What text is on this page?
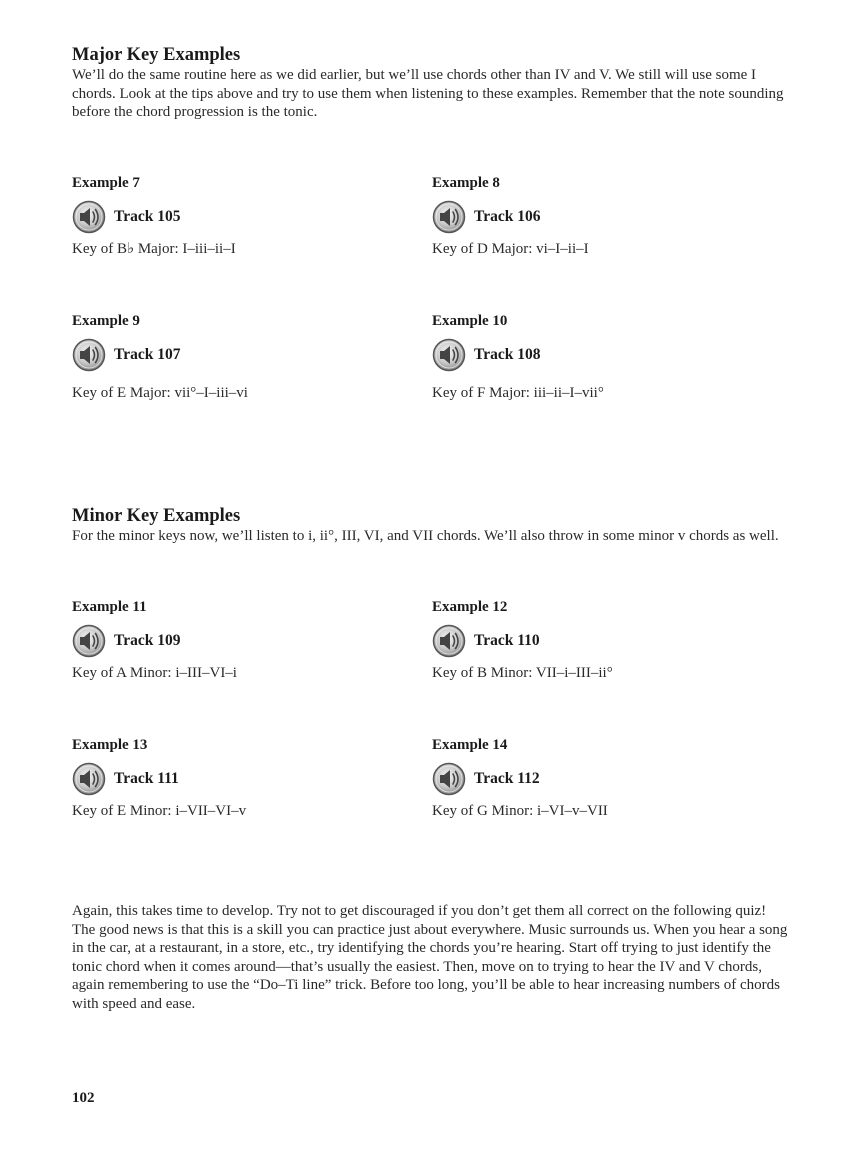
Major Key Examples

We’ll do the same routine here as we did earlier, but we’ll use chords other than IV and V. We still will use some I chords. Look at the tips above and try to use them when listening to these examples. Remember that the note sounding before the chord progression is the tonic.

Example 7
Track 105
Key of B♭ Major: I–iii–ii–I
Example 8
Track 106
Key of D Major: vi–I–ii–I
Example 9
Track 107
Key of E Major: vii°–I–iii–vi
Example 10
Track 108
Key of F Major: iii–ii–I–vii°
Minor Key Examples

For the minor keys now, we’ll listen to i, ii°, III, VI, and VII chords. We’ll also throw in some minor v chords as well.

Example 11
Track 109
Key of A Minor: i–III–VI–i
Example 12
Track 110
Key of B Minor: VII–i–III–ii°
Example 13
Track 111
Key of E Minor: i–VII–VI–v
Example 14
Track 112
Key of G Minor: i–VI–v–VII

Again, this takes time to develop. Try not to get discouraged if you don’t get them all correct on the following quiz! The good news is that this is a skill you can practice just about everywhere. Music surrounds us. When you hear a song in the car, at a restaurant, in a store, etc., try identifying the chords you’re hearing. Start off trying to just identify the tonic chord when it comes around—that’s usually the easiest. Then, move on to trying to hear the IV and V chords, again remembering to use the “Do–Ti line” trick. Before too long, you’ll be able to hear increasing numbers of chords with speed and ease.

102
